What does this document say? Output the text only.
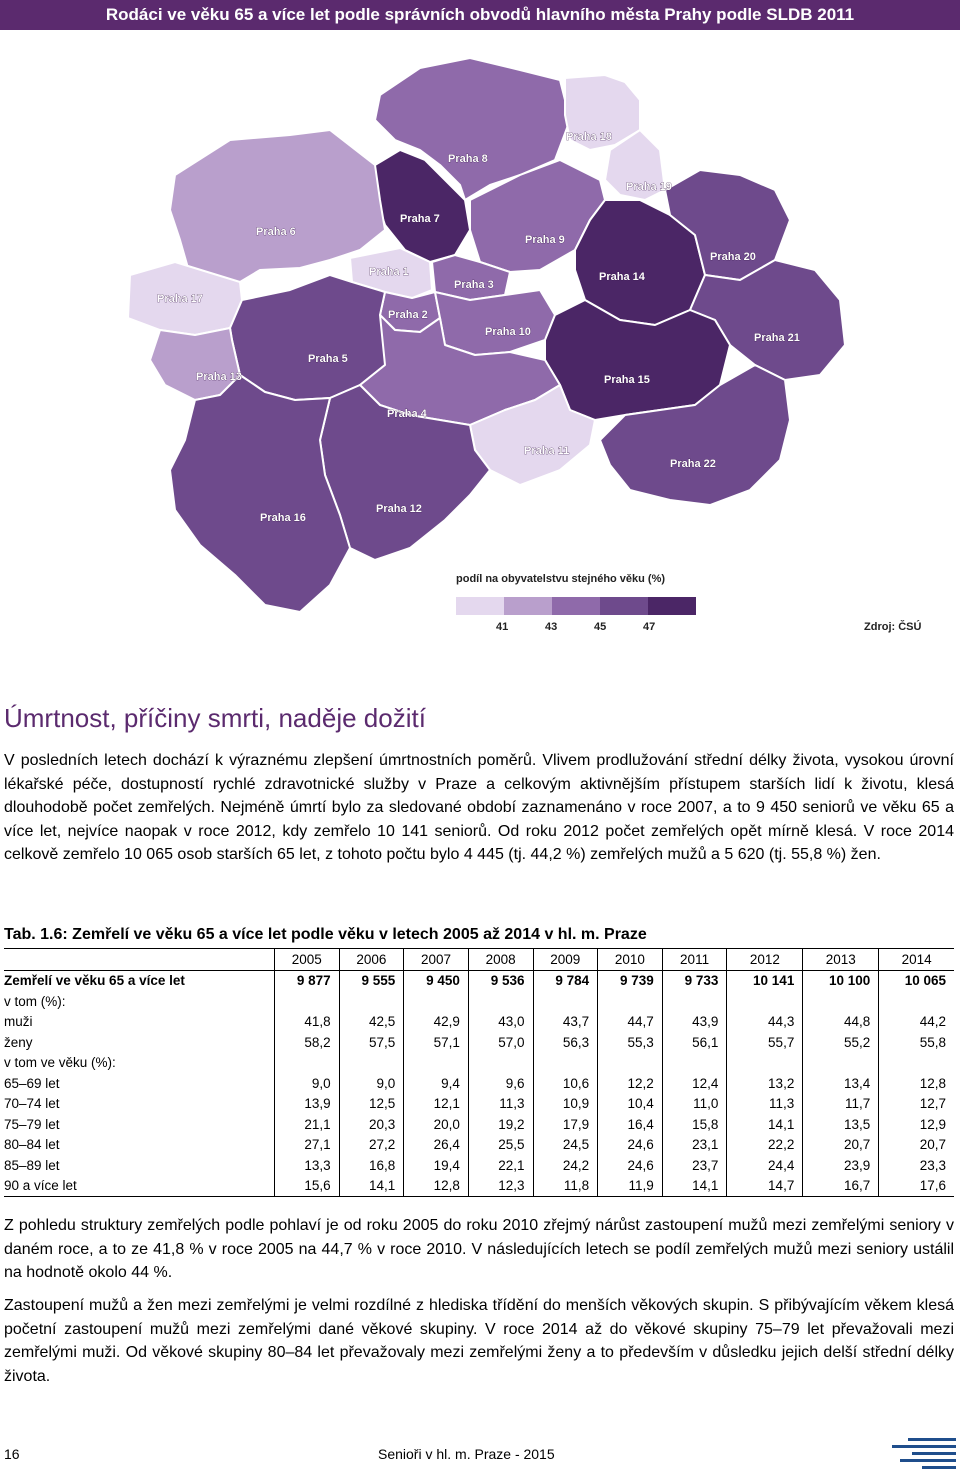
Rodáci ve věku 65 a více let podle správních obvodů hlavního města Prahy podle SLDB 2011
Praha 8
Praha 18
Praha 19
Praha 7
Praha 6
Praha 17
Praha 1
Praha 9
Praha 3
Praha 14
Praha 20
Praha 2
Praha 10
Praha 5
Praha 13
Praha 21
Praha 15
Praha 4
Praha 11
Praha 22
Praha 12
Praha 16
podíl na obyvatelstvu stejného věku (%)
41	43	45	47	Zdroj: ČSÚ
Úmrtnost, příčiny smrti, naděje dožití

V posledních letech dochází k výraznému zlepšení úmrtnostních poměrů. Vlivem prodlužování střední délky života, vysokou úrovní lékařské péče, dostupností rychlé zdravotnické služby v Praze a celkovým aktivnějším přístupem starších lidí k životu, klesá dlouhodobě počet zemřelých. Nejméně úmrtí bylo za sledované období zaznamenáno v roce 2007, a to 9 450 seniorů ve věku 65 a více let, nejvíce naopak v roce 2012, kdy zemřelo 10 141 seniorů. Od roku 2012 počet zemřelých opět mírně klesá. V roce 2014 celkově zemřelo 10 065 osob starších 65 let, z tohoto počtu bylo 4 445 (tj. 44,2 %) zemřelých mužů a 5 620 (tj. 55,8 %) žen.

Tab. 1.6: Zemřelí ve věku 65 a více let podle věku v letech 2005 až 2014 v hl. m. Praze
	2005	2006	2007	2008	2009	2010	2011	2012	2013	2014
Zemřelí ve věku 65 a více let	9 877	9 555	9 450	9 536	9 784	9 739	9 733	10 141	10 100	10 065
v tom (%):										
muži	41,8	42,5	42,9	43,0	43,7	44,7	43,9	44,3	44,8	44,2
ženy	58,2	57,5	57,1	57,0	56,3	55,3	56,1	55,7	55,2	55,8
v tom ve věku (%):										
65–69 let	9,0	9,0	9,4	9,6	10,6	12,2	12,4	13,2	13,4	12,8
70–74 let	13,9	12,5	12,1	11,3	10,9	10,4	11,0	11,3	11,7	12,7
75–79 let	21,1	20,3	20,0	19,2	17,9	16,4	15,8	14,1	13,5	12,9
80–84 let	27,1	27,2	26,4	25,5	24,5	24,6	23,1	22,2	20,7	20,7
85–89 let	13,3	16,8	19,4	22,1	24,2	24,6	23,7	24,4	23,9	23,3
90 a více let	15,6	14,1	12,8	12,3	11,8	11,9	14,1	14,7	16,7	17,6

Z pohledu struktury zemřelých podle pohlaví je od roku 2005 do roku 2010 zřejmý nárůst zastoupení mužů mezi zemřelými seniory v daném roce, a to ze 41,8 % v roce 2005 na 44,7 % v roce 2010. V následujících letech se podíl zemřelých mužů mezi seniory ustálil na hodnotě okolo 44 %.

Zastoupení mužů a žen mezi zemřelými je velmi rozdílné z hlediska třídění do menších věkových skupin. S přibývajícím věkem klesá početní zastoupení mužů mezi zemřelými dané věkové skupiny. V roce 2014 až do věkové skupiny 75–79 let převažovali mezi zemřelými muži. Od věkové skupiny 80–84 let převažovaly mezi zemřelými ženy a to především v důsledku jejich delší střední délky života.

16	Senioři v hl. m. Praze - 2015
